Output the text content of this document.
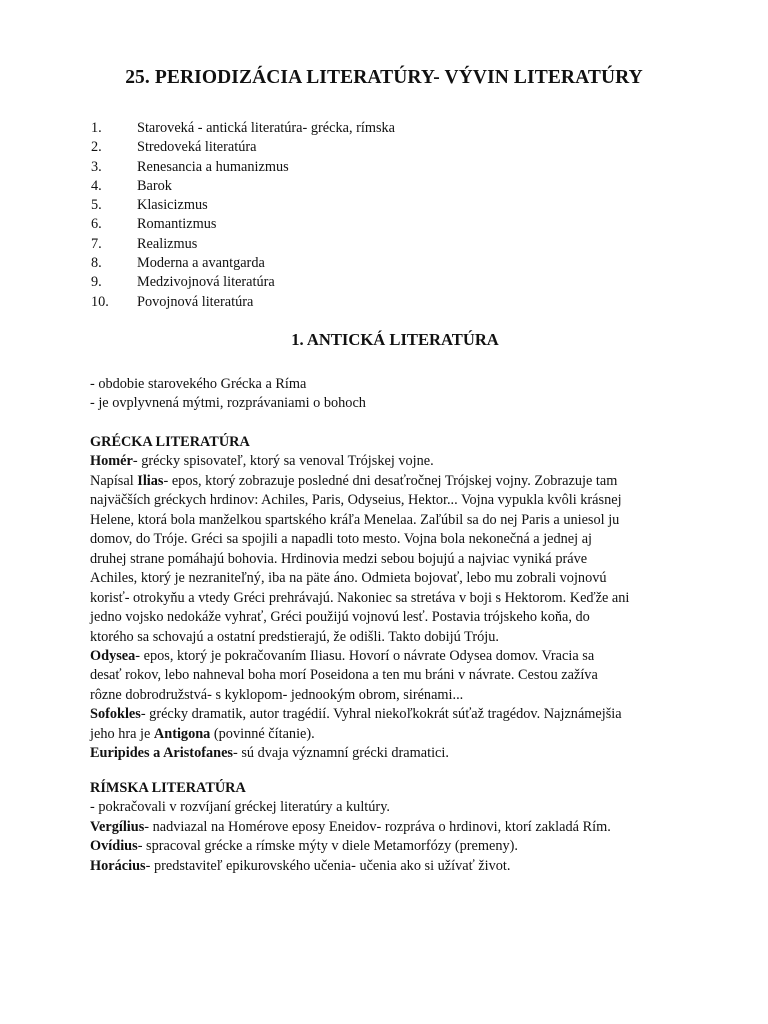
25. PERIODIZÁCIA LITERATÚRY- VÝVIN LITERATÚRY
1. Staroveká - antická literatúra- grécka, rímska
2. Stredoveká literatúra
3. Renesancia a humanizmus
4. Barok
5. Klasicizmus
6. Romantizmus
7. Realizmus
8. Moderna a avantgarda
9. Medzivojnová literatúra
10. Povojnová literatúra
1. ANTICKÁ LITERATÚRA

- obdobie starovekého Grécka a Ríma

- je ovplyvnená mýtmi, rozprávaniami o bohoch

GRÉCKA LITERATÚRA

Homér- grécky spisovateľ, ktorý sa venoval Trójskej vojne.

Napísal Ilias- epos, ktorý zobrazuje posledné dni desaťročnej Trójskej vojny. Zobrazuje tam

najväčších gréckych hrdinov: Achiles, Paris, Odyseius, Hektor... Vojna vypukla kvôli krásnej

Helene, ktorá bola manželkou spartského kráľa Menelaa. Zaľúbil sa do nej Paris a uniesol ju

domov, do Tróje. Gréci sa spojili a napadli toto mesto. Vojna bola nekonečná a jednej aj

druhej strane pomáhajú bohovia. Hrdinovia medzi sebou bojujú a najviac vyniká práve

Achiles, ktorý je nezraniteľný, iba na päte áno. Odmieta bojovať, lebo mu zobrali vojnovú

korisť- otrokyňu a vtedy Gréci prehrávajú. Nakoniec sa stretáva v boji s Hektorom. Keďže ani

jedno vojsko nedokáže vyhrať, Gréci použijú vojnovú lesť. Postavia trójskeho koňa, do

ktorého sa schovajú a ostatní predstierajú, že odišli. Takto dobijú Tróju.

Odysea- epos, ktorý je pokračovaním Iliasu. Hovorí o návrate Odysea domov. Vracia sa

desať rokov, lebo nahneval boha morí Poseidona a ten mu bráni v návrate. Cestou zažíva

rôzne dobrodružstvá- s kyklopom- jednookým obrom, sirénami...

Sofokles- grécky dramatik, autor tragédií. Vyhral niekoľkokrát súťaž tragédov. Najznámejšia

jeho hra je Antigona (povinné čítanie).

Euripides a Aristofanes- sú dvaja významní grécki dramatici.

RÍMSKA LITERATÚRA

- pokračovali v rozvíjaní gréckej literatúry a kultúry.

Vergílius- nadviazal na Homérove eposy Eneidov- rozpráva o hrdinovi, ktorí zakladá Rím.

Ovídius- spracoval grécke a rímske mýty v diele Metamorfózy (premeny).

Horácius- predstaviteľ epikurovského učenia- učenia ako si užívať život.
